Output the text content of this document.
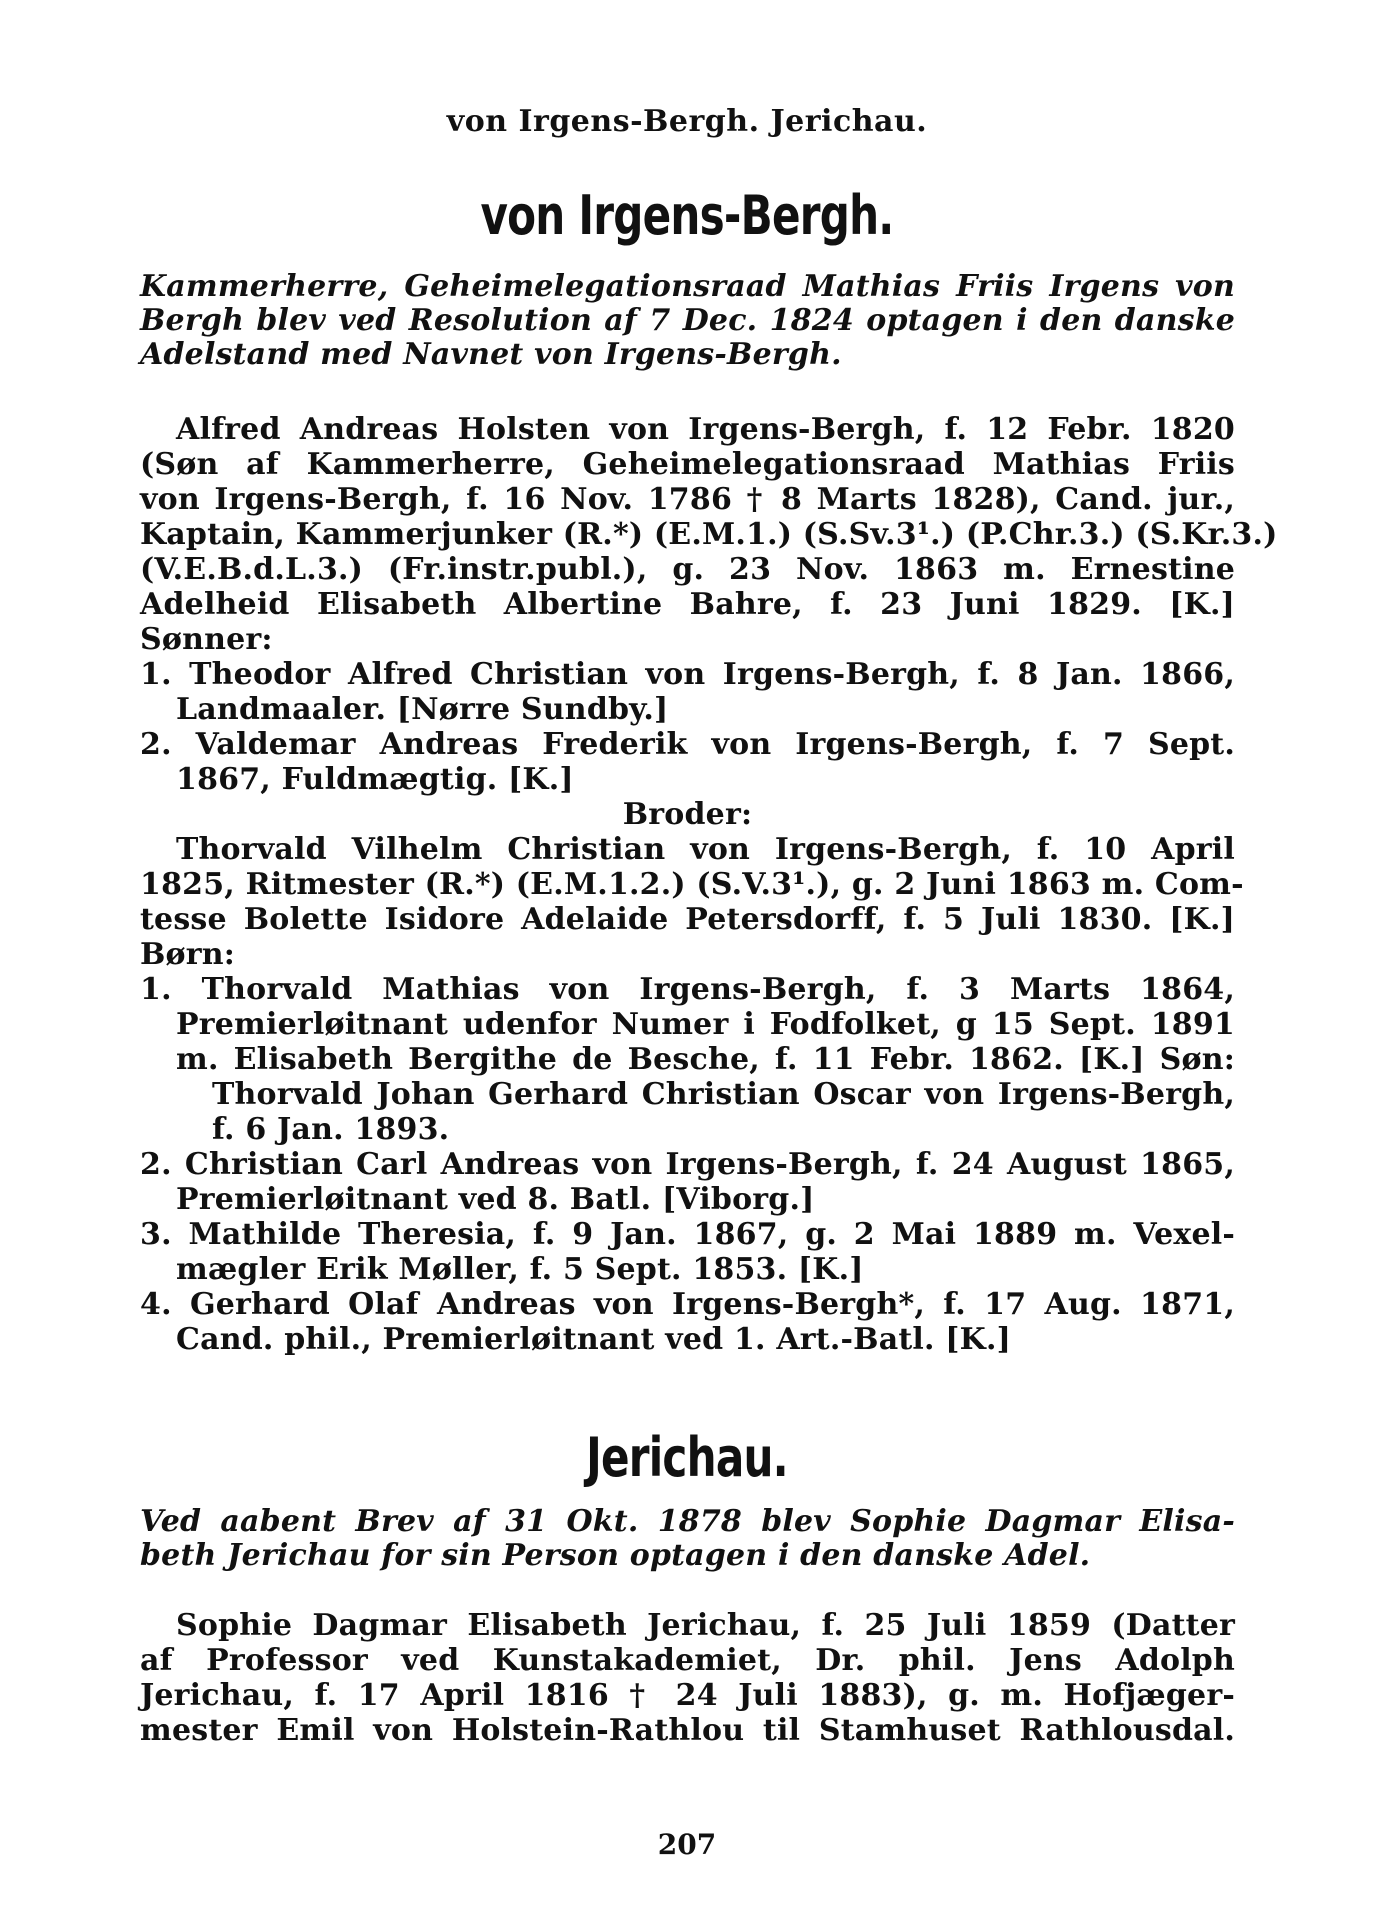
von Irgens-Bergh. Jerichau.
von Irgens-Bergh.
Kammerherre, Geheimelegationsraad Mathias Friis Irgens von
Bergh blev ved Resolution af 7 Dec. 1824 optagen i den danske
Adelstand med Navnet von Irgens-Bergh.
Alfred Andreas Holsten von Irgens-Bergh, f. 12 Febr. 1820
(Søn af Kammerherre, Geheimelegationsraad Mathias Friis
von Irgens-Bergh, f. 16 Nov. 1786 † 8 Marts 1828), Cand. jur.,
Kaptain, Kammerjunker (R.*) (E.M.1.) (S.Sv.3¹.) (P.Chr.3.) (S.Kr.3.)
(V.E.B.d.L.3.) (Fr.instr.publ.), g. 23 Nov. 1863 m. Ernestine
Adelheid Elisabeth Albertine Bahre, f. 23 Juni 1829. [K.]
Sønner:
1. Theodor Alfred Christian von Irgens-Bergh, f. 8 Jan. 1866,
Landmaaler. [Nørre Sundby.]
2. Valdemar Andreas Frederik von Irgens-Bergh, f. 7 Sept.
1867, Fuldmægtig. [K.]
Broder:
Thorvald Vilhelm Christian von Irgens-Bergh, f. 10 April
1825, Ritmester (R.*) (E.M.1.2.) (S.V.3¹.), g. 2 Juni 1863 m. Com-
tesse Bolette Isidore Adelaide Petersdorff, f. 5 Juli 1830. [K.]
Børn:
1. Thorvald Mathias von Irgens-Bergh, f. 3 Marts 1864,
Premierløitnant udenfor Numer i Fodfolket, g 15 Sept. 1891
m. Elisabeth Bergithe de Besche, f. 11 Febr. 1862. [K.] Søn:
Thorvald Johan Gerhard Christian Oscar von Irgens-Bergh,
f. 6 Jan. 1893.
2. Christian Carl Andreas von Irgens-Bergh, f. 24 August 1865,
Premierløitnant ved 8. Batl. [Viborg.]
3. Mathilde Theresia, f. 9 Jan. 1867, g. 2 Mai 1889 m. Vexel-
mægler Erik Møller, f. 5 Sept. 1853. [K.]
4. Gerhard Olaf Andreas von Irgens-Bergh*, f. 17 Aug. 1871,
Cand. phil., Premierløitnant ved 1. Art.-Batl. [K.]
Jerichau.
Ved aabent Brev af 31 Okt. 1878 blev Sophie Dagmar Elisa-
beth Jerichau for sin Person optagen i den danske Adel.
Sophie Dagmar Elisabeth Jerichau, f. 25 Juli 1859 (Datter
af Professor ved Kunstakademiet, Dr. phil. Jens Adolph
Jerichau, f. 17 April 1816 † 24 Juli 1883), g. m. Hofjæger-
mester Emil von Holstein-Rathlou til Stamhuset Rathlousdal.
207
